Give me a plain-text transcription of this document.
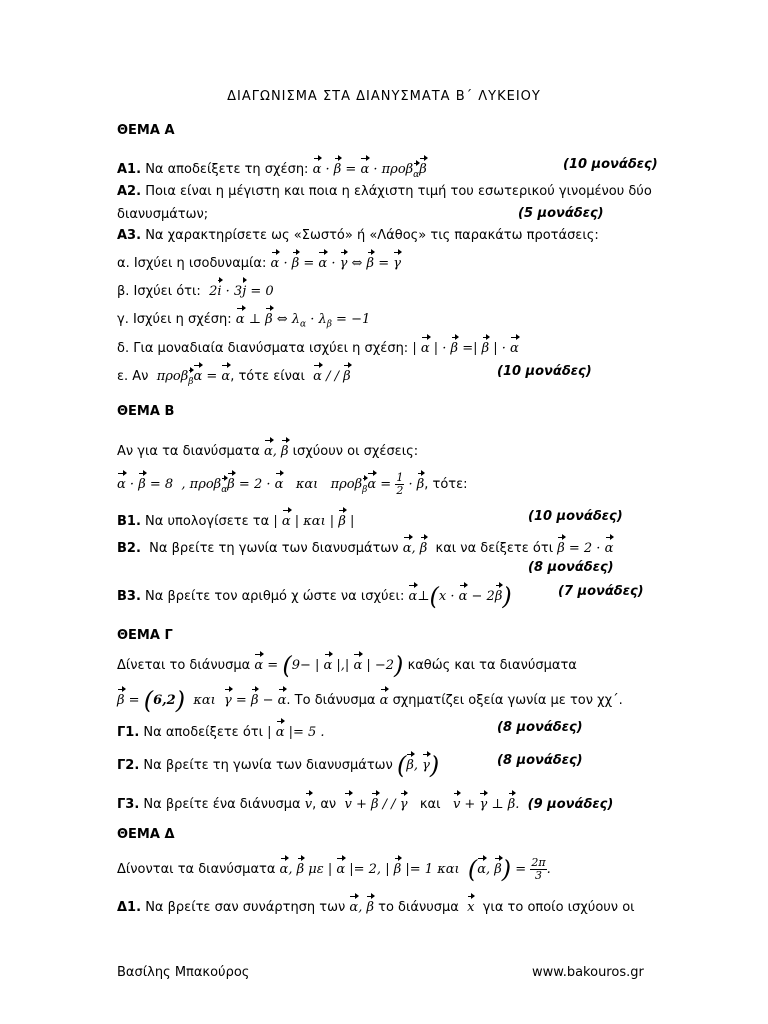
ΔΙΑΓΩΝΙΣΜΑ ΣΤΑ ΔΙΑΝΥΣΜΑΤΑ Β΄ ΛΥΚΕΙΟΥ
ΘΕΜΑ Α
Α1. Να αποδείξετε τη σχέση: α · β = α · προβ$_\alpha$β	(10 μονάδες)
Α2. Ποια είναι η μέγιστη και ποια η ελάχιστη τιμή του εσωτερικού γινομένου δύο
διανυσμάτων;	(5 μονάδες)
Α3. Να χαρακτηρίσετε ως «Σωστό» ή «Λάθος» τις παρακάτω προτάσεις:
α. Ισχύει η ισοδυναμία: α · β = α · γ ⇔ β = γ
β. Ισχύει ότι:  2i · 3j = 0
γ. Ισχύει η σχέση: α ⊥ β ⇔ $\lambda_\alpha \cdot \lambda_\beta = -1$
δ. Για μοναδιαία διανύσματα ισχύει η σχέση: | α | · β =| β | · α
ε. Αν  προβ$_\beta$α = α, τότε είναι α / / β	(10 μονάδες)
ΘΕΜΑ Β
Αν για τα διανύσματα α, β ισχύουν οι σχέσεις:
α · β = 8  , προβ$_\alpha$β = 2 · α και   $\pi\rho o\beta_\beta\alpha = \frac{1}{2} \cdot \beta$, τότε:
Β1. Να υπολογίσετε τα | α | και | β |	(10 μονάδες)
Β2. Να βρείτε τη γωνία των διανυσμάτων α, β και να δείξετε ότι β = 2 · α
(8 μονάδες)
Β3. Να βρείτε τον αριθμό χ ώστε να ισχύει: α⊥(x · α − 2β)	(7 μονάδες)
ΘΕΜΑ Γ
Δίνεται το διάνυσμα α = (9− | α |,| α | −2) καθώς και τα διανύσματα
β = (6,2) και γ = β − α. Το διάνυσμα α σχηματίζει οξεία γωνία με τον χχ΄.
Γ1. Να αποδείξετε ότι | α |= 5 .	(8 μονάδες)
Γ2. Να βρείτε τη γωνία των διανυσμάτων (β, γ)	(8 μονάδες)
Γ3. Να βρείτε ένα διάνυσμα v, αν v + β / / γ και v + γ ⊥ β. (9 μονάδες)
ΘΕΜΑ Δ
Δίνονται τα διανύσματα α, β με | α |= 2, | β |= 1 και (α, $\beta) = \frac{2\pi}{3}$ .
Δ1. Να βρείτε σαν συνάρτηση των α, β το διάνυσμα x για το οποίο ισχύουν οι
Βασίλης Μπακούρος	www.bakouros.gr
